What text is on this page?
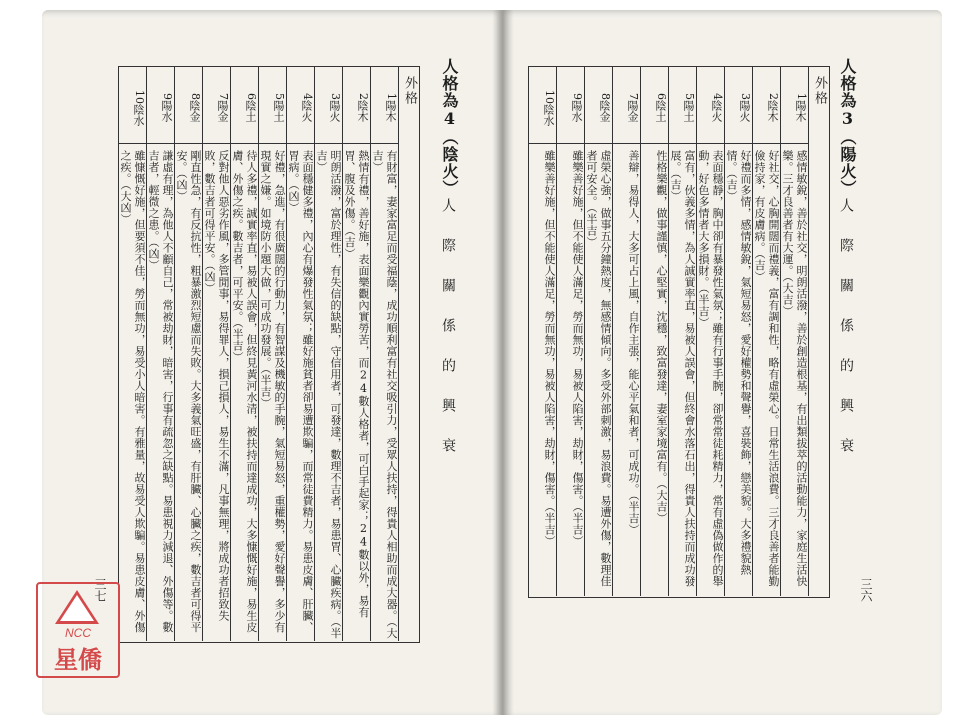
人格為4（陰火）
人際關係的興衰
外格
1
陽木
有財富，妻家富足而受福蔭，成功順利富有社交吸引力，受眾人扶持，得貴人相助而成大器。（大吉）
2
陰木
熱情有禮，善好施，表面樂觀內實勞苦，而24數人格者，可白手起家；24數以外，易有胃、腹及外傷。（吉）
3
陽火
明朗活潑，富於理性，有失信的缺點，守信用者，可發達，數理不吉者，易患胃、心臟疾病。（半吉）
4
陰火
表面穩健多禮，內心有爆發性氣氛；雖好施貧者卻易遭欺騙，而常徒費精力。易患皮膚、肝臟、胃病。（凶）
5
陽土
好禮，急進，有很廣闊的行動力，有智謀及機敏的手腕，氣短易怒，重權勢，愛好聲譽，多少有現實之嫌。如境防小題大做，可成功發展。（半吉）
6
陰土
待人多禮，誠實率直，易被人誤會，但終見黃河水清，被扶持而達成功，大多慷慨好施，易生皮膚、外傷之疾。數吉者，可平安。（半吉）
7
陽金
反對他人惡劣作風，多管閒事，易得罪人，損己損人，易生不滿，凡事無理，將成功者招致失敗，數吉者可得平安。（凶）
8
陰金
剛直性急，有反抗性，粗暴激烈短慮而失敗。大多義氣旺盛，有肝臟、心臟之疾，數吉者可得平安。（凶）
9
陽水
謙虛有理，為他人不顧自己，常被劫財，暗害，行事有疏忽之缺點。易患視力減退、外傷等。數吉者，輕微之患。（凶）
10
陰水
雖慷慨好施，但要須不佳，勞而無功，易受小人暗害。有雅量，故易受人欺騙。易患皮膚、外傷之疾。（大凶）
三七
人格為3（陽火）
人際關係的興衰
外格
1
陽木
感情敏銳，善於社交，明朗活潑，善於創造根基，有出類拔萃的活動能力，家庭生活快樂。三才良善者有大運。（大吉）
2
陰木
好社交，心胸開闊而禮義，富有調和性，略有虛榮心。日常生活浪費。三才良善者能勤儉持家，有皮膚病。（吉）
3
陽火
好禮而多情，感情敏銳，氣短易怒，愛好權勢和聲譽，喜裝飾，戀美貌。大多禮貌熱情。（吉）
4
陰火
表面穩靜，胸中卻有暴發性氣氛；雖有行事手腕，卻常常徒耗精力，常有虛偽做作的舉動，好色多情者大多損財。（半吉）
5
陽土
富有，伙義多情，為人誠實率直，易被人誤會，但終會水落石出，得貴人扶持而成功發展。（吉）
6
陰土
性格樂觀，做事謹慎，心堅實，沈穩，致富發達，妻室家境富有。（大吉）
7
陽金
善辯，易得人，大多可占上風，自作主張，能心平氣和者，可成功。（半吉）
8
陰金
虛榮心強，做事五分鐘熱度，無感情傾向。多受外部刺激，易浪費。易遭外傷，數理佳者可安全。（半吉）
9
陽水
雖樂善好施，但不能使人滿足，勞而無功，易被人陷害，劫財，傷害。（半吉）
10
陰水
雖樂善好施，但不能使人滿足，勞而無功，易被人陷害，劫財，傷害。（半吉）
三六
NCC
星僑
